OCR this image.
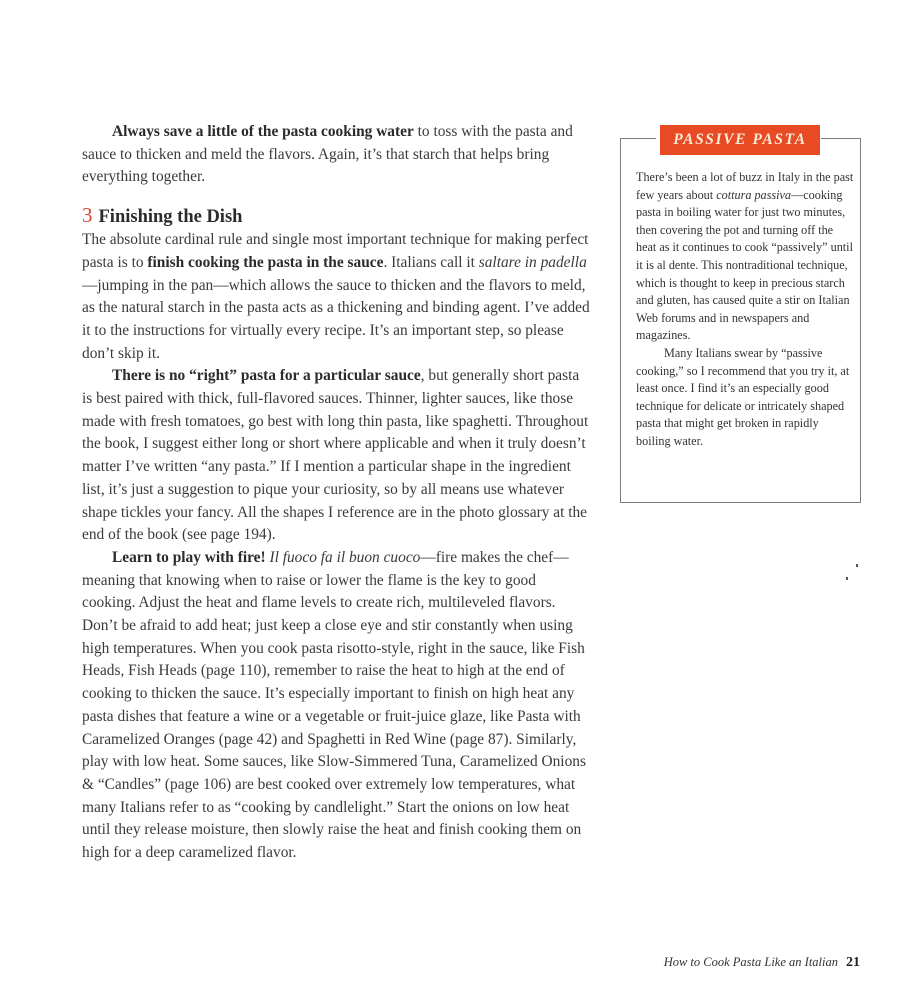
Always save a little of the pasta cooking water to toss with the pasta and sauce to thicken and meld the flavors. Again, it’s that starch that helps bring everything together.

3 Finishing the Dish

The absolute cardinal rule and single most important technique for making perfect pasta is to finish cooking the pasta in the sauce. Italians call it saltare in padella—jumping in the pan—which allows the sauce to thicken and the flavors to meld, as the natural starch in the pasta acts as a thickening and binding agent. I’ve added it to the instructions for virtually every recipe. It’s an important step, so please don’t skip it.

There is no “right” pasta for a particular sauce, but generally short pasta is best paired with thick, full-flavored sauces. Thinner, lighter sauces, like those made with fresh tomatoes, go best with long thin pasta, like spaghetti. Throughout the book, I suggest either long or short where applicable and when it truly doesn’t matter I’ve written “any pasta.” If I mention a particular shape in the ingredient list, it’s just a suggestion to pique your curiosity, so by all means use whatever shape tickles your fancy. All the shapes I reference are in the photo glossary at the end of the book (see page 194).

Learn to play with fire! Il fuoco fa il buon cuoco—fire makes the chef—meaning that knowing when to raise or lower the flame is the key to good cooking. Adjust the heat and flame levels to create rich, multileveled flavors. Don’t be afraid to add heat; just keep a close eye and stir constantly when using high temperatures. When you cook pasta risotto-style, right in the sauce, like Fish Heads, Fish Heads (page 110), remember to raise the heat to high at the end of cooking to thicken the sauce. It’s especially important to finish on high heat any pasta dishes that feature a wine or a vegetable or fruit-juice glaze, like Pasta with Caramelized Oranges (page 42) and Spaghetti in Red Wine (page 87). Similarly, play with low heat. Some sauces, like Slow-Simmered Tuna, Caramelized Onions & “Candles” (page 106) are best cooked over extremely low temperatures, what many Italians refer to as “cooking by candlelight.” Start the onions on low heat until they release moisture, then slowly raise the heat and finish cooking them on high for a deep caramelized flavor.

PASSIVE PASTA

There’s been a lot of buzz in Italy in the past few years about cottura passiva—cooking pasta in boiling water for just two minutes, then covering the pot and turning off the heat as it continues to cook “passively” until it is al dente. This nontraditional technique, which is thought to keep in precious starch and gluten, has caused quite a stir on Italian Web forums and in newspapers and magazines.

Many Italians swear by “passive cooking,” so I recommend that you try it, at least once. I find it’s an especially good technique for delicate or intricately shaped pasta that might get broken in rapidly boiling water.

How to Cook Pasta Like an Italian 21
